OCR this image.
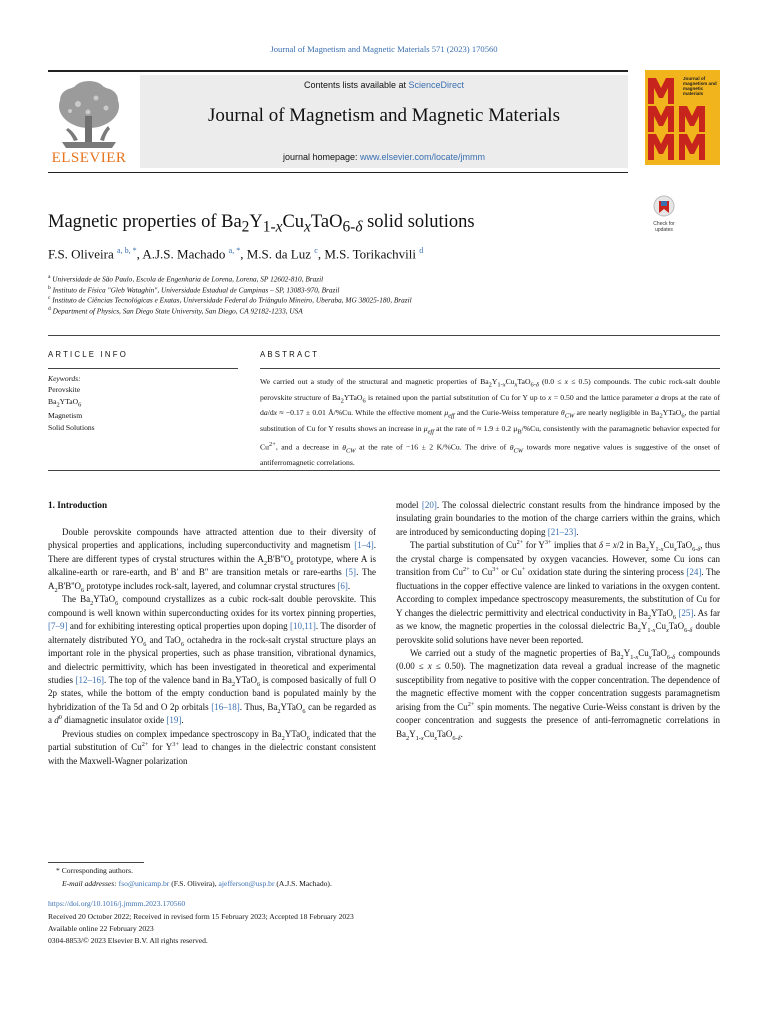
Journal of Magnetism and Magnetic Materials 571 (2023) 170560
ELSEVIER
Contents lists available at ScienceDirect
Journal of Magnetism and Magnetic Materials
journal homepage: www.elsevier.com/locate/jmmm
Journal of magnetism and magnetic materials
Check for updates
Magnetic properties of $Ba_2Y_{1-x}Cu_xTaO_{6-\delta}$ solid solutions
F.S. Oliveira $^{a, b, *}$, A.J.S. Machado $^{a, *}$, M.S. da Luz $^c$, M.S. Torikachvili $^d$
$^a$ Universidade de São Paulo, Escola de Engenharia de Lorena, Lorena, SP 12602-810, Brazil
$^b$ Instituto de Física "Gleb Wataghin", Universidade Estadual de Campinas – SP, 13083-970, Brazil
$^c$ Instituto de Ciências Tecnológicas e Exatas, Universidade Federal do Triângulo Mineiro, Uberaba, MG 38025-180, Brazil
$^d$ Department of Physics, San Diego State University, San Diego, CA 92182-1233, USA
ARTICLE INFO	ABSTRACT
Keywords:
Perovskite
$Ba_2YTaO_6$
Magnetism
Solid Solutions
We carried out a study of the structural and magnetic properties of $Ba_2Y_{1-x}Cu_xTaO_{6-\delta}$ (0.0 ≤ x ≤ 0.5) compounds. The cubic rock-salt double perovskite structure of $Ba_2YTaO_6$ is retained upon the partial substitution of Cu for Y up to x = 0.50 and the lattice parameter a drops at the rate of da/dx ≈ −0.17 ± 0.01 Å/%Cu. While the effective moment $\mu_{eff}$ and the Curie-Weiss temperature $\theta_{CW}$ are nearly negligible in $Ba_2YTaO_6$, the partial substitution of Cu for Y results shows an increase in $\mu_{eff}$ at the rate of ≈ 1.9 ± 0.2 $\mu_B/\%Cu$, consistently with the paramagnetic behavior expected for $Cu^{2+}$, and a decrease in $\theta_{CW}$ at the rate of −16 ± 2 K/%Cu. The drive of $\theta_{CW}$ towards more negative values is suggestive of the onset of antiferromagnetic correlations.
1. Introduction

Double perovskite compounds have attracted attention due to their diversity of physical properties and applications, including superconductivity and magnetism [1–4]. There are different types of crystal structures within the $A_2B'B''O_6$ prototype, where A is alkaline-earth or rare-earth, and B' and B'' are transition metals or rare-earths [5]. The $A_2B'B''O_6$ prototype includes rock-salt, layered, and columnar crystal structures [6].

The $Ba_2YTaO_6$ compound crystallizes as a cubic rock-salt double perovskite. This compound is well known within superconducting oxides for its vortex pinning properties, [7–9] and for exhibiting interesting optical properties upon doping [10,11]. The disorder of alternately distributed $YO_6$ and TaO$_6$ octahedra in the rock-salt crystal structure plays an important role in the physical properties, such as phase transition, vibrational dynamics, and dielectric permittivity, which has been investigated in theoretical and experimental studies [12–16]. The top of the valence band in $Ba_2YTaO_6$ is composed basically of full O 2p states, while the bottom of the empty conduction band is populated mainly by the hybridization of the Ta 5d and O 2p orbitals [16–18]. Thus, $Ba_2YTaO_6$ can be regarded as a $d^0$ diamagnetic insulator oxide [19].

Previous studies on complex impedance spectroscopy in $Ba_2YTaO_6$ indicated that the partial substitution of $Cu^{2+}$ for $Y^{3+}$ lead to changes in the dielectric constant consistent with the Maxwell-Wagner polarization

model [20]. The colossal dielectric constant results from the hindrance imposed by the insulating grain boundaries to the motion of the charge carriers within the grains, which are introduced by semiconducting doping [21–23].

The partial substitution of $Cu^{2+}$ for $Y^{3+}$ implies that δ = x/2 in $Ba_2Y_{1-x}Cu_xTaO_{6-\delta}$, thus the crystal charge is compensated by oxygen vacancies. However, some Cu ions can transition from $Cu^{2+}$ to $Cu^{3+}$ or Cu+ oxidation state during the sintering process [24]. The fluctuations in the copper effective valence are linked to variations in the oxygen content. According to complex impedance spectroscopy measurements, the substitution of Cu for Y changes the dielectric permittivity and electrical conductivity in $Ba_2YTaO_6$ [25]. As far as we know, the magnetic properties in the colossal dielectric $Ba_2Y_{1-x}Cu_xTaO_{6-\delta}$ double perovskite solid solutions have never been reported.

We carried out a study of the magnetic properties of $Ba_2Y_{1-x}Cu_xTaO_{6-\delta}$ compounds (0.00 ≤ x ≤ 0.50). The magnetization data reveal a gradual increase of the magnetic susceptibility from negative to positive with the copper concentration. The dependence of the magnetic effective moment with the copper concentration suggests paramagnetism arising from the $Cu^{2+}$ spin moments. The negative Curie-Weiss constant is driven by the cooper concentration and suggests the presence of anti-ferromagnetic correlations in $Ba_2Y_{1-x}Cu_xTaO_{6-\delta}$.

* Corresponding authors.
E-mail addresses: fso@unicamp.br (F.S. Oliveira), ajefferson@usp.br (A.J.S. Machado).
https://doi.org/10.1016/j.jmmm.2023.170560
Received 20 October 2022; Received in revised form 15 February 2023; Accepted 18 February 2023
Available online 22 February 2023
0304-8853/© 2023 Elsevier B.V. All rights reserved.
